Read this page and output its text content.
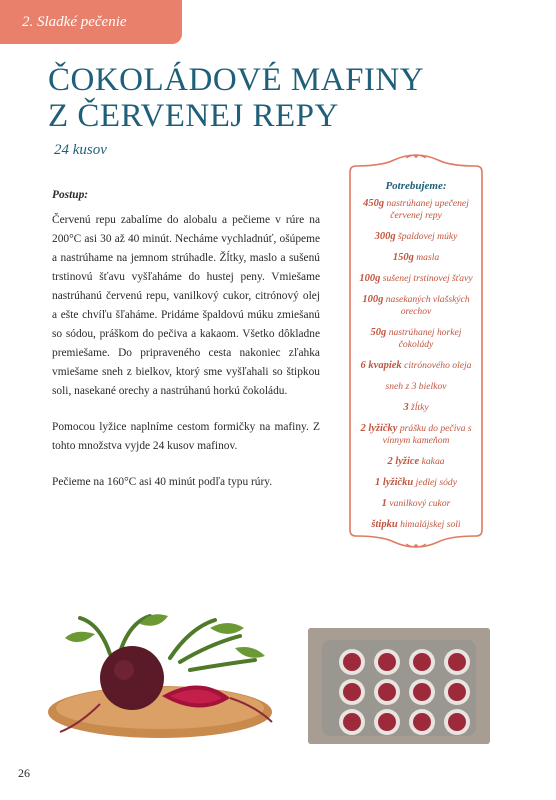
2. Sladké pečenie
ČOKOLÁDOVÉ MAFINY
Z ČERVENEJ REPY
24 kusov
Postup:

Červenú repu zabalíme do alobalu a pečieme v rúre na 200°C asi 30 až 40 minút. Necháme vychladnúť, ošúpeme a nastrúhame na jemnom strúhadle. Žĺtky, maslo a sušenú trstinovú šťavu vyšľaháme do hustej peny. Vmiešame nastrúhanú červenú repu, vanilkový cukor, citrónový olej a ešte chvíľu šľaháme. Pridáme špaldovú múku zmiešanú so sódou, práškom do pečiva a kakaom. Všetko dôkladne premiešame. Do pripraveného cesta nakoniec zľahka vmiešame sneh z bielkov, ktorý sme vyšľahali so štipkou soli, nasekané orechy a nastrúhanú horkú čokoládu.

Pomocou lyžice naplníme cestom formičky na mafiny. Z tohto množstva vyjde 24 kusov mafinov.

Pečieme na 160°C asi 40 minút podľa typu rúry.

Potrebujeme:
450g nastrúhanej upečenej červenej repy
300g špaldovej múky
150g masla
100g sušenej trstinovej šťavy
100g nasekaných vlašských orechov
50g nastrúhanej horkej čokolády
6 kvapiek citrónového oleja
sneh z 3 bielkov
3 žĺtky
2 lyžičky prášku do pečiva s vínnym kameňom
2 lyžice kakaa
1 lyžičku jedlej sódy
1 vanilkový cukor
štipku himalájskej soli
26
